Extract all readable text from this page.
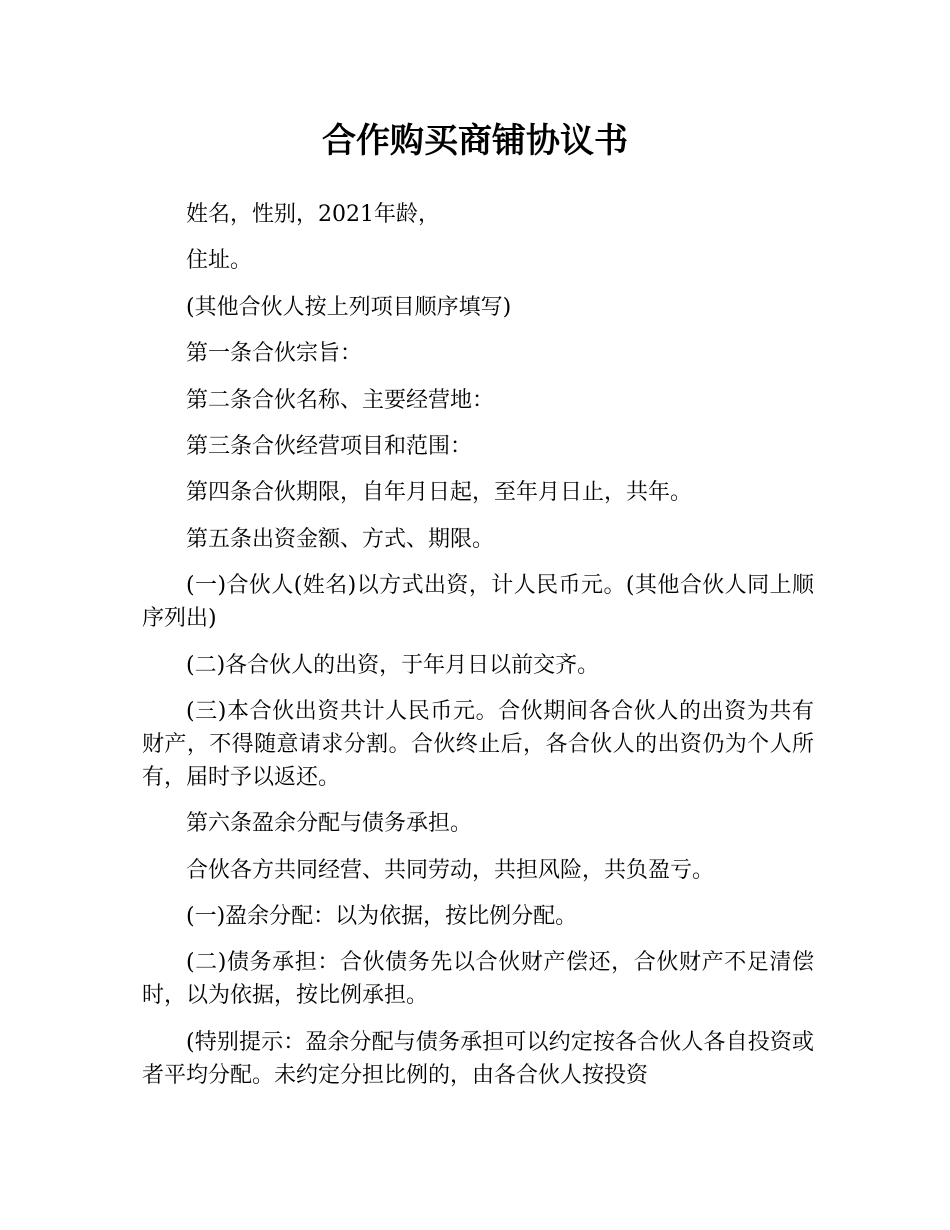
合作购买商铺协议书

姓名，性别，2021年龄，

住址。

(其他合伙人按上列项目顺序填写)

第一条合伙宗旨：

第二条合伙名称、主要经营地：

第三条合伙经营项目和范围：

第四条合伙期限，自年月日起，至年月日止，共年。

第五条出资金额、方式、期限。

(一)合伙人(姓名)以方式出资，计人民币元。(其他合伙人同上顺序列出)

(二)各合伙人的出资，于年月日以前交齐。

(三)本合伙出资共计人民币元。合伙期间各合伙人的出资为共有财产，不得随意请求分割。合伙终止后，各合伙人的出资仍为个人所有，届时予以返还。

第六条盈余分配与债务承担。

合伙各方共同经营、共同劳动，共担风险，共负盈亏。

(一)盈余分配：以为依据，按比例分配。

(二)债务承担：合伙债务先以合伙财产偿还，合伙财产不足清偿时，以为依据，按比例承担。

(特别提示：盈余分配与债务承担可以约定按各合伙人各自投资或者平均分配。未约定分担比例的，由各合伙人按投资
